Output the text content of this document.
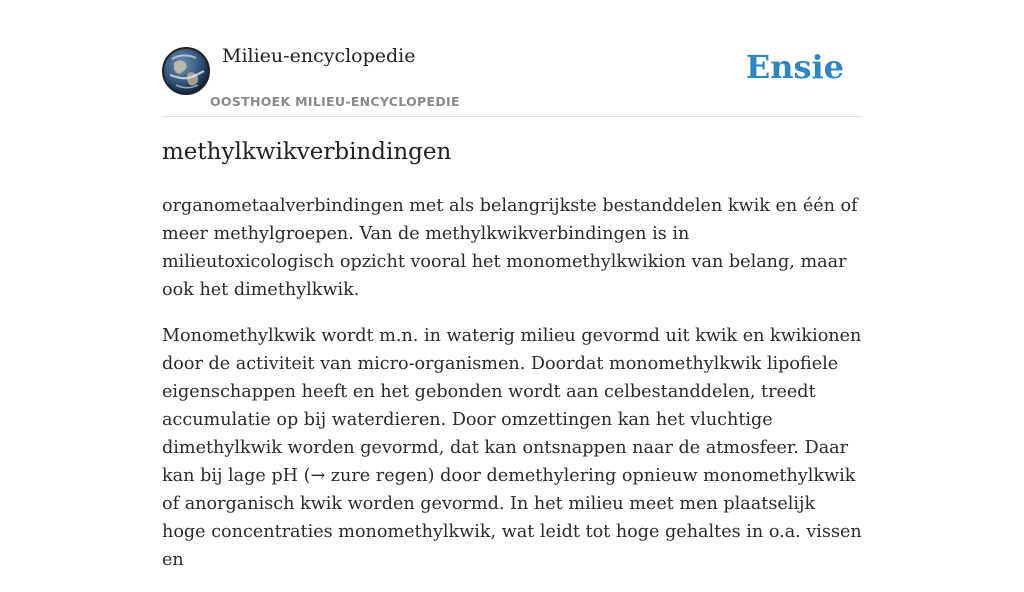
Milieu-encyclopedie
OOSTHOEK MILIEU-ENCYCLOPEDIE
Ensie
methylkwikverbindingen

organometaalverbindingen met als belangrijkste bestanddelen kwik en één of meer methylgroepen. Van de methylkwikverbindingen is in milieutoxicologisch opzicht vooral het monomethylkwikion van belang, maar ook het dimethylkwik.

Monomethylkwik wordt m.n. in waterig milieu gevormd uit kwik en kwikionen door de activiteit van micro-organismen. Doordat monomethylkwik lipofiele eigenschappen heeft en het gebonden wordt aan celbestanddelen, treedt accumulatie op bij waterdieren. Door omzettingen kan het vluchtige dimethylkwik worden gevormd, dat kan ontsnappen naar de atmosfeer. Daar kan bij lage pH (→ zure regen) door demethylering opnieuw monomethylkwik of anorganisch kwik worden gevormd. In het milieu meet men plaatselijk hoge concentraties monomethylkwik, wat leidt tot hoge gehaltes in o.a. vissen en
